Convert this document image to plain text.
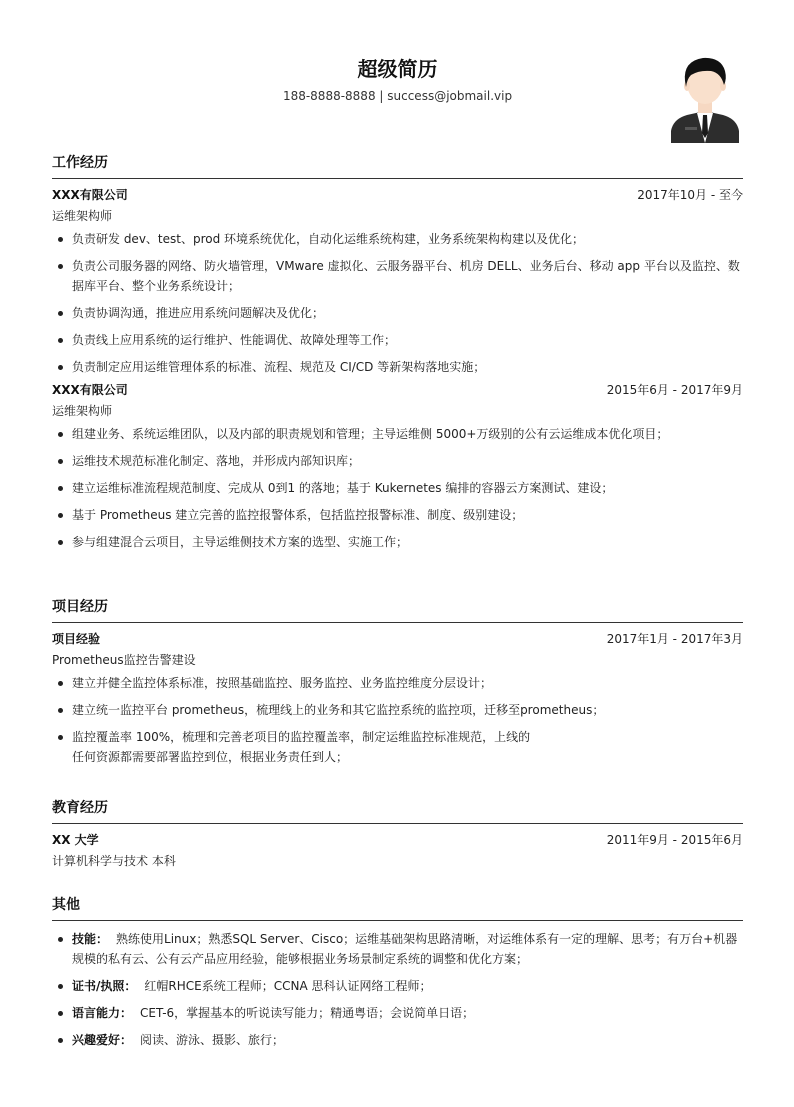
超级简历
188-8888-8888 | success@jobmail.vip
工作经历
XXX有限公司	2017年10月 - 至今
运维架构师
负责研发 dev、test、prod 环境系统优化，自动化运维系统构建，业务系统架构构建以及优化；
负责公司服务器的网络、防火墙管理，VMware 虚拟化、云服务器平台、机房 DELL、业务后台、移动 app 平台以及监控、数据库平台、整个业务系统设计；
负责协调沟通，推进应用系统问题解决及优化；
负责线上应用系统的运行维护、性能调优、故障处理等工作；
负责制定应用运维管理体系的标准、流程、规范及 CI/CD 等新架构落地实施；
XXX有限公司	2015年6月 - 2017年9月
运维架构师
组建业务、系统运维团队，以及内部的职责规划和管理；主导运维侧 5000+万级别的公有云运维成本优化项目；
运维技术规范标准化制定、落地，并形成内部知识库；
建立运维标准流程规范制度、完成从 0到1 的落地；基于 Kukernetes 编排的容器云方案测试、建设；
基于 Prometheus 建立完善的监控报警体系，包括监控报警标准、制度、级别建设；
参与组建混合云项目，主导运维侧技术方案的选型、实施工作；
项目经历
项目经验	2017年1月 - 2017年3月
Prometheus监控告警建设
建立并健全监控体系标准，按照基础监控、服务监控、业务监控维度分层设计；
建立统一监控平台 prometheus，梳理线上的业务和其它监控系统的监控项，迁移至prometheus；
监控覆盖率 100%，梳理和完善老项目的监控覆盖率，制定运维监控标准规范，上线的
任何资源都需要部署监控到位，根据业务责任到人；
教育经历
XX 大学	2011年9月 - 2015年6月
计算机科学与技术 本科
其他
技能： 熟练使用Linux；熟悉SQL Server、Cisco；运维基础架构思路清晰，对运维体系有一定的理解、思考；有万台+机器规模的私有云、公有云产品应用经验，能够根据业务场景制定系统的调整和优化方案；
证书/执照： 红帽RHCE系统工程师；CCNA 思科认证网络工程师；
语言能力： CET-6，掌握基本的听说读写能力；精通粤语；会说简单日语；
兴趣爱好： 阅读、游泳、摄影、旅行；
